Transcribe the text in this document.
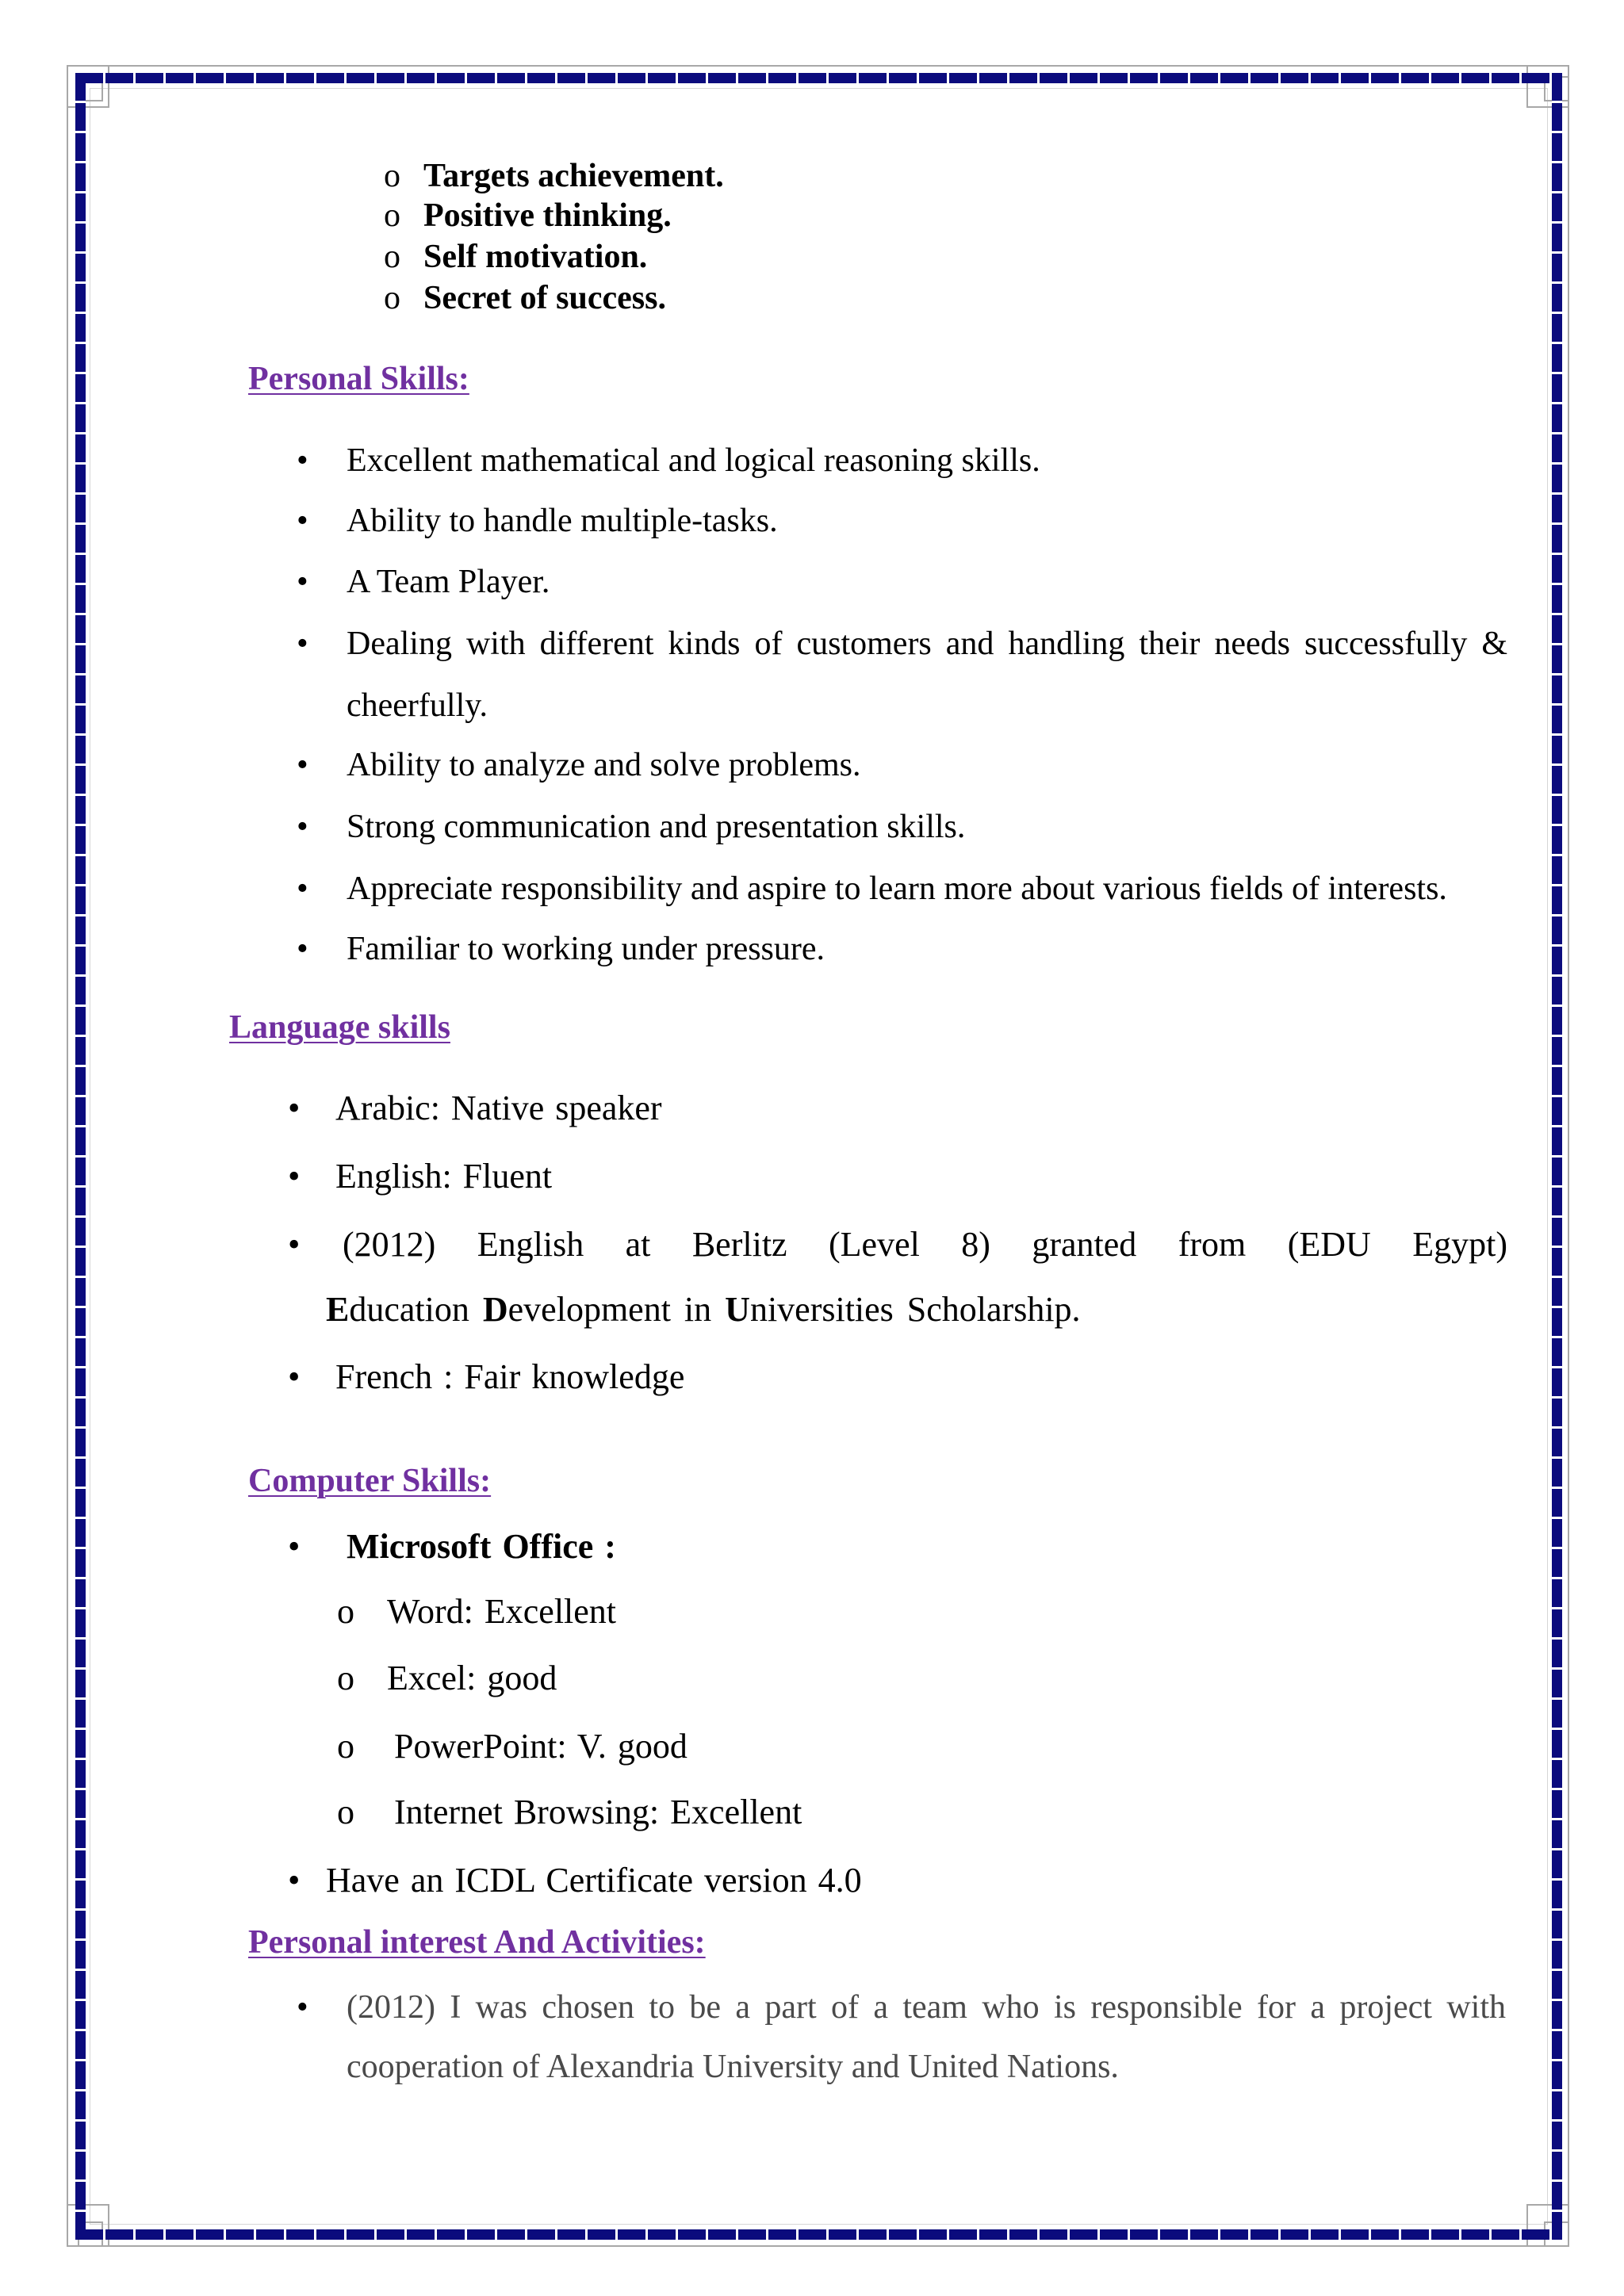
o Targets achievement.
o Positive thinking.
o Self motivation.
o Secret of success.
Personal Skills:
• Excellent mathematical and logical reasoning skills.
• Ability to handle multiple-tasks.
• A Team Player.
• Dealing with different kinds of customers and handling their needs successfully &
cheerfully.
• Ability to analyze and solve problems.
• Strong communication and presentation skills.
• Appreciate responsibility and aspire to learn more about various fields of interests.
• Familiar to working under pressure.
Language skills
• Arabic: Native speaker
• English: Fluent
• (2012) English at Berlitz (Level 8) granted from (EDU Egypt)
Education Development in Universities Scholarship.
• French : Fair knowledge
Computer Skills:
• Microsoft Office :
o Word: Excellent
o Excel: good
o PowerPoint: V. good
o Internet Browsing: Excellent
• Have an ICDL Certificate version 4.0
Personal interest And Activities:
• (2012) I was chosen to be a part of a team who is responsible for a project with
cooperation of Alexandria University and United Nations.
